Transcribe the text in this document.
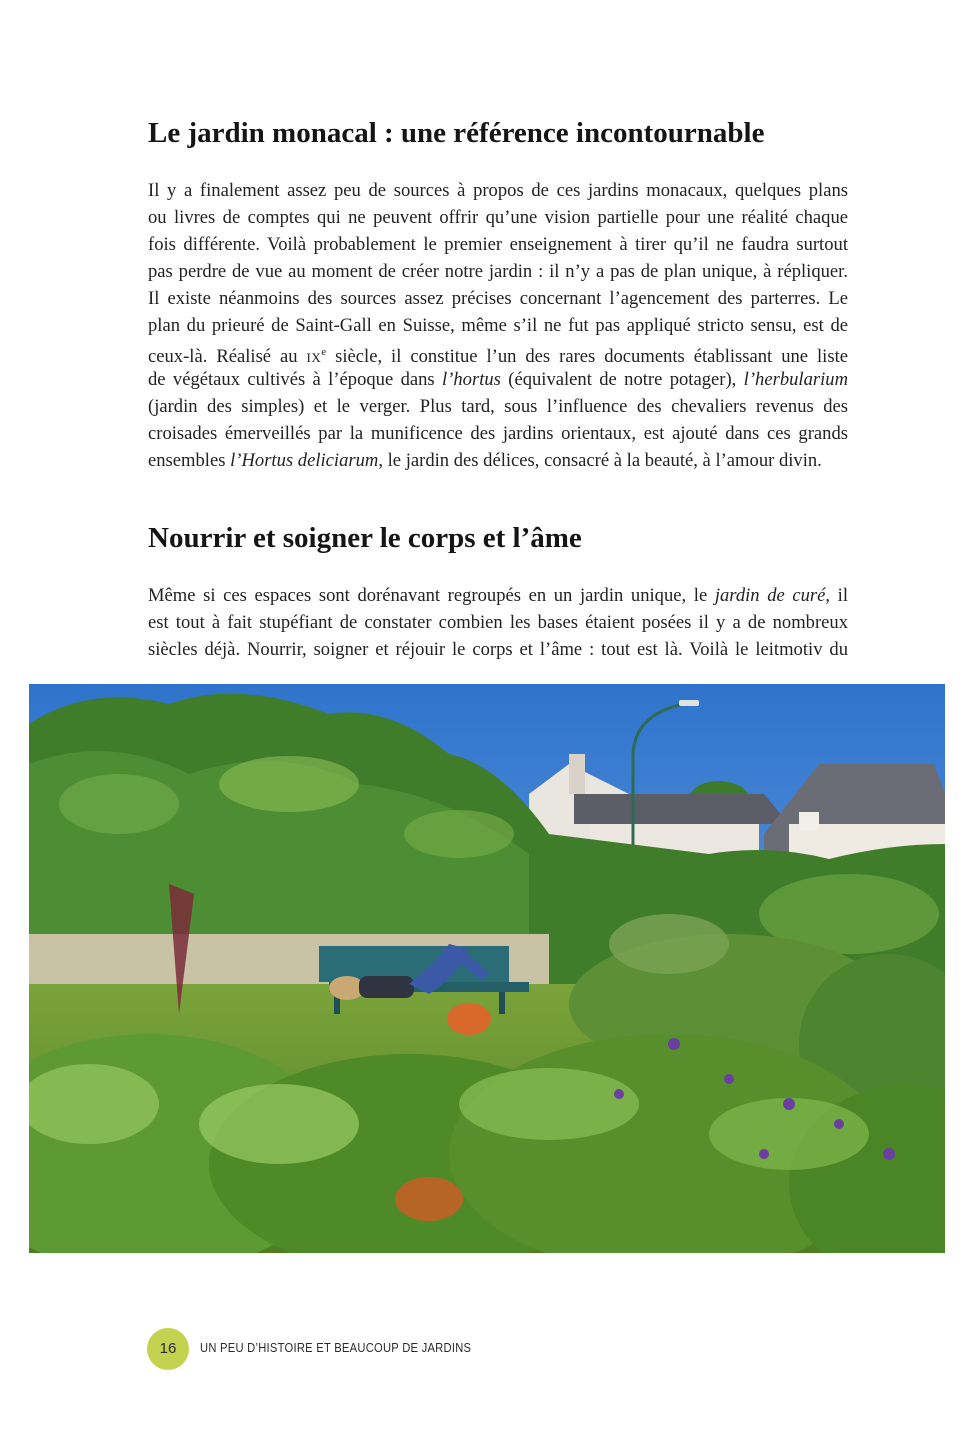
Le jardin monacal : une référence incontournable

Il y a finalement assez peu de sources à propos de ces jardins monacaux, quelques plans
ou livres de comptes qui ne peuvent offrir qu’une vision partielle pour une réalité chaque
fois différente. Voilà probablement le premier enseignement à tirer qu’il ne faudra surtout
pas perdre de vue au moment de créer notre jardin : il n’y a pas de plan unique, à répliquer.
Il existe néanmoins des sources assez précises concernant l’agencement des parterres. Le
plan du prieuré de Saint-Gall en Suisse, même s’il ne fut pas appliqué stricto sensu, est de
ceux-là. Réalisé au $ix^e$ siècle, il constitue l’un des rares documents établissant une liste
de végétaux cultivés à l’époque dans l’hortus (équivalent de notre potager), l’herbularium
(jardin des simples) et le verger. Plus tard, sous l’influence des chevaliers revenus des
croisades émerveillés par la munificence des jardins orientaux, est ajouté dans ces grands
ensembles l’Hortus deliciarum, le jardin des délices, consacré à la beauté, à l’amour divin.

Nourrir et soigner le corps et l’âme

Même si ces espaces sont dorénavant regroupés en un jardin unique, le jardin de curé, il
est tout à fait stupéfiant de constater combien les bases étaient posées il y a de nombreux
siècles déjà. Nourrir, soigner et réjouir le corps et l’âme : tout est là. Voilà le leitmotiv du

16	UN PEU D’HISTOIRE ET BEAUCOUP DE JARDINS
